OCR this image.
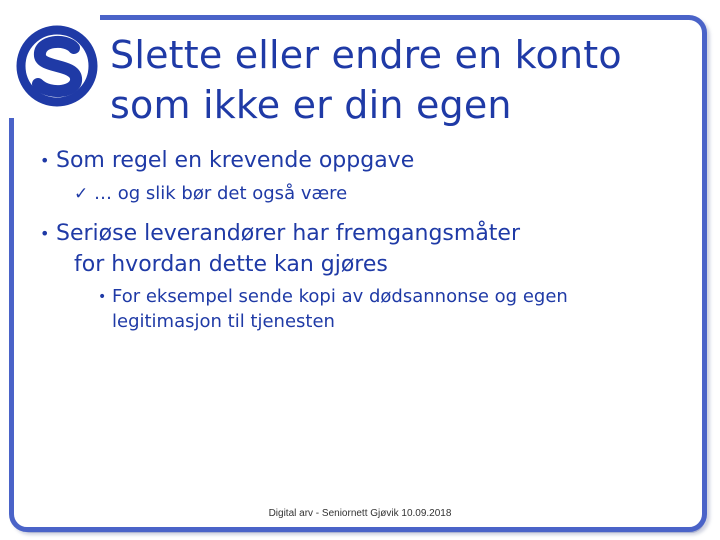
Slette eller endre en konto
som ikke er din egen
• Som regel en krevende oppgave
✓ … og slik bør det også være
• Seriøse leverandører har fremgangsmåter
for hvordan dette kan gjøres
• For eksempel sende kopi av dødsannonse og egen
legitimasjon til tjenesten
Digital arv - Seniornett Gjøvik 10.09.2018
